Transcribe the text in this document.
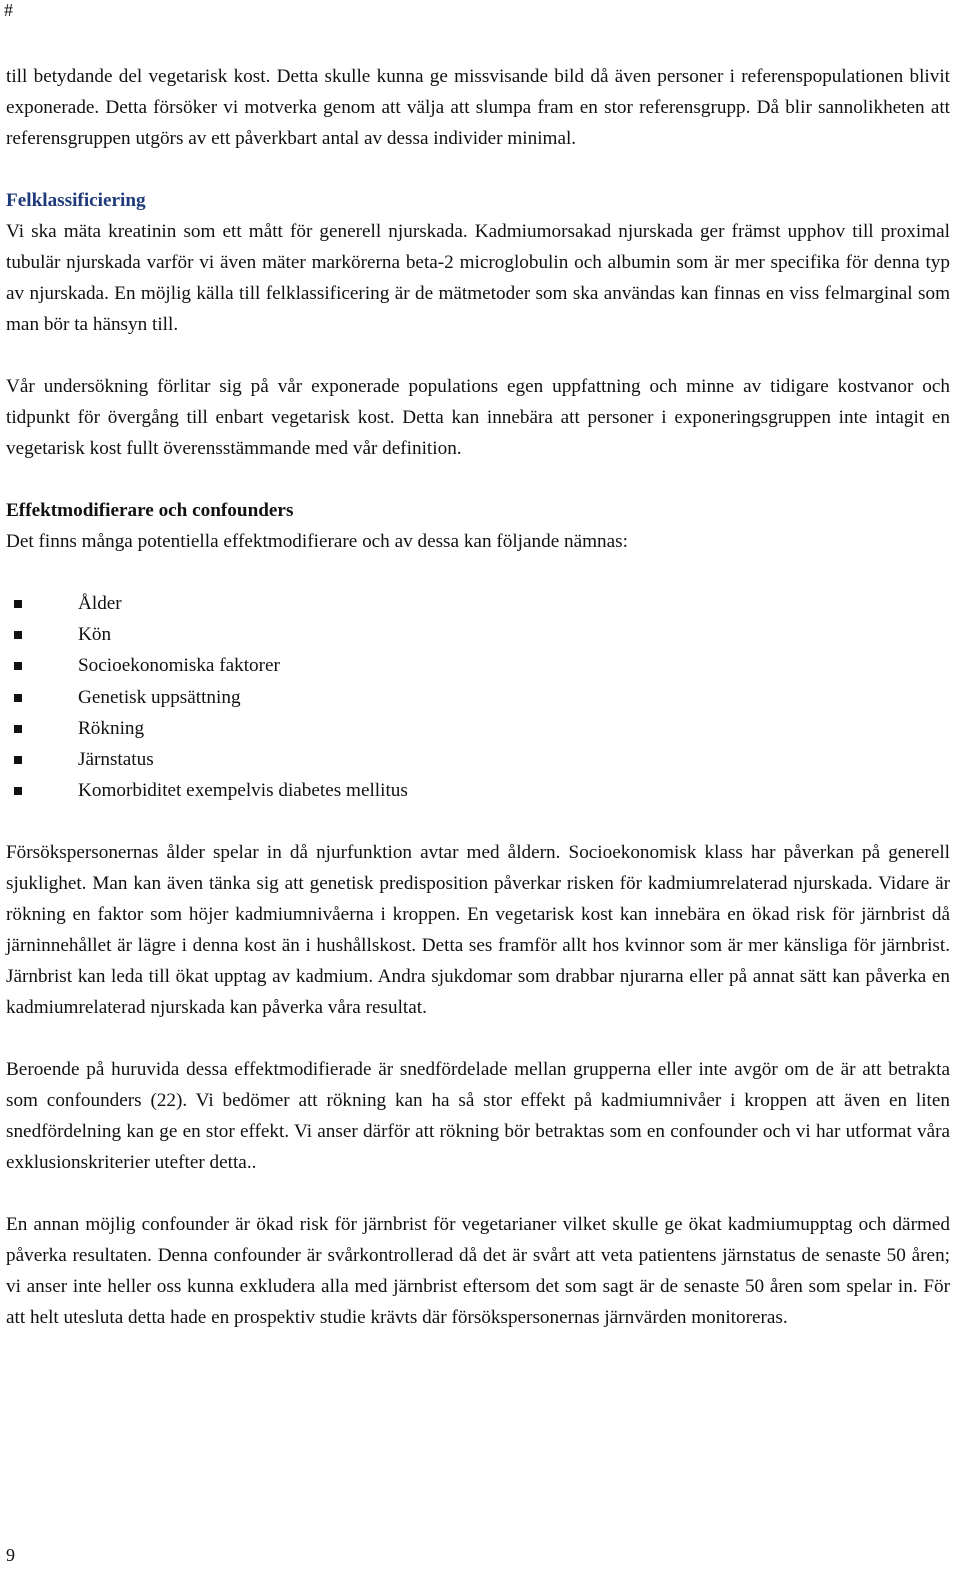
#

till betydande del vegetarisk kost. Detta skulle kunna ge missvisande bild då även personer i referenspopulationen blivit exponerade. Detta försöker vi motverka genom att välja att slumpa fram en stor referensgrupp. Då blir sannolikheten att referensgruppen utgörs av ett påverkbart antal av dessa individer minimal.

Felklassificiering

Vi ska mäta kreatinin som ett mått för generell njurskada. Kadmiumorsakad njurskada ger främst upphov till proximal tubulär njurskada varför vi även mäter markörerna beta-2 microglobulin och albumin som är mer specifika för denna typ av njurskada. En möjlig källa till felklassificering är de mätmetoder som ska användas kan finnas en viss felmarginal som man bör ta hänsyn till.

Vår undersökning förlitar sig på vår exponerade populations egen uppfattning och minne av tidigare kostvanor och tidpunkt för övergång till enbart vegetarisk kost. Detta kan innebära att personer i exponeringsgruppen inte intagit en vegetarisk kost fullt överensstämmande med vår definition.

Effektmodifierare och confounders

Det finns många potentiella effektmodifierare och av dessa kan följande nämnas:

Ålder
Kön
Socioekonomiska faktorer
Genetisk uppsättning
Rökning
Järnstatus
Komorbiditet exempelvis diabetes mellitus

Försökspersonernas ålder spelar in då njurfunktion avtar med åldern. Socioekonomisk klass har påverkan på generell sjuklighet. Man kan även tänka sig att genetisk predisposition påverkar risken för kadmiumrelaterad njurskada. Vidare är rökning en faktor som höjer kadmiumnivåerna i kroppen. En vegetarisk kost kan innebära en ökad risk för järnbrist då järninnehållet är lägre i denna kost än i hushållskost. Detta ses framför allt hos kvinnor som är mer känsliga för järnbrist. Järnbrist kan leda till ökat upptag av kadmium. Andra sjukdomar som drabbar njurarna eller på annat sätt kan påverka en kadmiumrelaterad njurskada kan påverka våra resultat.

Beroende på huruvida dessa effektmodifierade är snedfördelade mellan grupperna eller inte avgör om de är att betrakta som confounders (22). Vi bedömer att rökning kan ha så stor effekt på kadmiumnivåer i kroppen att även en liten snedfördelning kan ge en stor effekt. Vi anser därför att rökning bör betraktas som en confounder och vi har utformat våra exklusionskriterier utefter detta..

En annan möjlig confounder är ökad risk för järnbrist för vegetarianer vilket skulle ge ökat kadmiumupptag och därmed påverka resultaten. Denna confounder är svårkontrollerad då det är svårt att veta patientens järnstatus de senaste 50 åren; vi anser inte heller oss kunna exkludera alla med järnbrist eftersom det som sagt är de senaste 50 åren som spelar in. För att helt utesluta detta hade en prospektiv studie krävts där försökspersonernas järnvärden monitoreras.

9
